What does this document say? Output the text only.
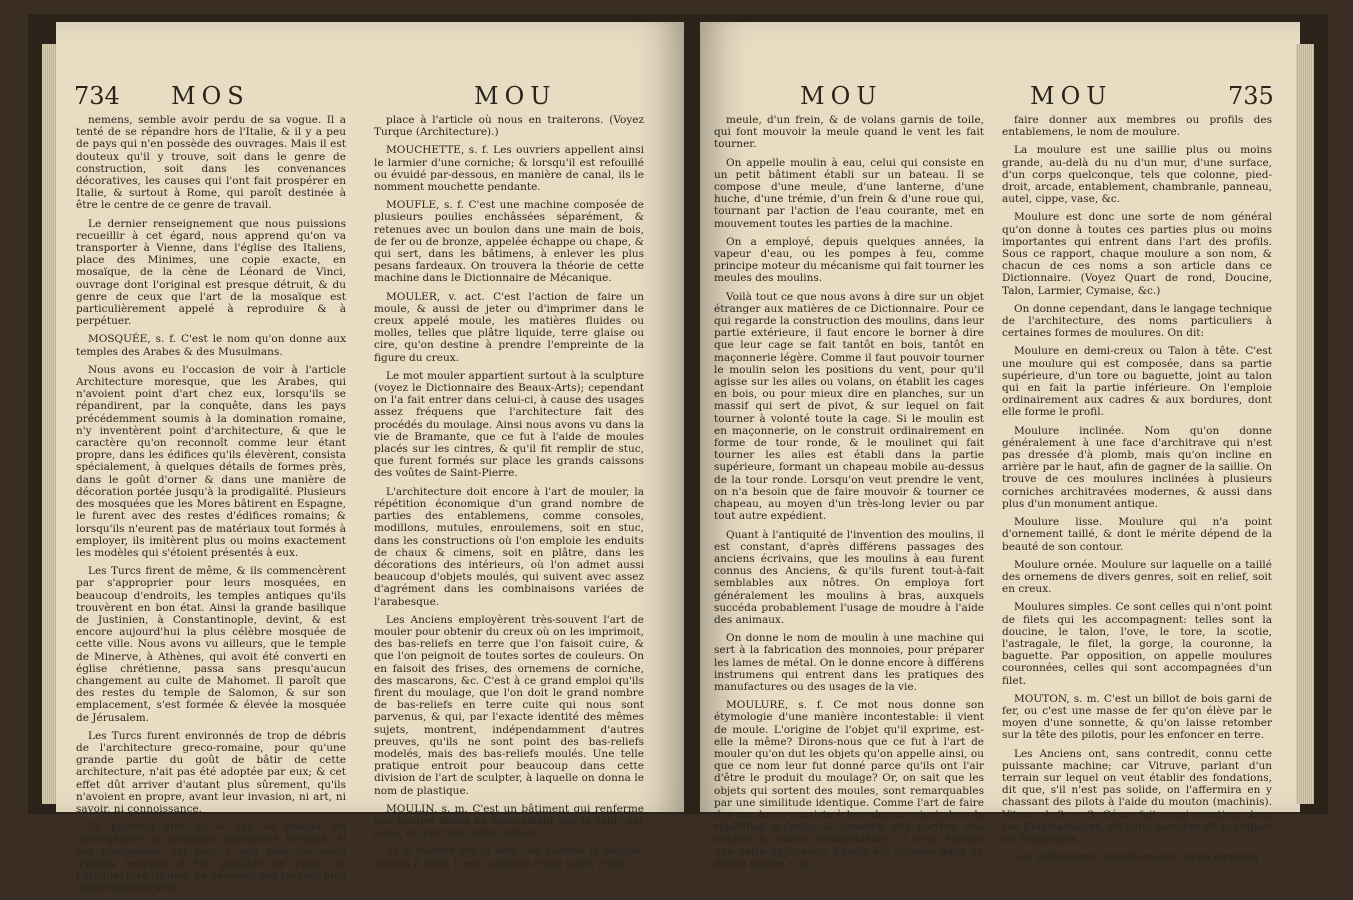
734 MOS	MOU

nemens, semble avoir perdu de sa vogue. Il a tenté de se répandre hors de l'Italie, & il y a peu de pays qui n'en possède des ouvrages. Mais il est douteux qu'il y trouve, soit dans le genre de construction, soit dans les convenances décoratives, les causes qui l'ont fait prospérer en Italie, & surtout à Rome, qui paroît destinée à être le centre de ce genre de travail.

Le dernier renseignement que nous puissions recueillir à cet égard, nous apprend qu'on va transporter à Vienne, dans l'église des Italiens, place des Minimes, une copie exacte, en mosaïque, de la cène de Léonard de Vinci, ouvrage dont l'original est presque détruit, & du genre de ceux que l'art de la mosaïque est particulièrement appelé à reproduire & à perpétuer.

MOSQUÉE, s. f. C'est le nom qu'on donne aux temples des Arabes & des Musulmans.

Nous avons eu l'occasion de voir à l'article Architecture moresque, que les Arabes, qui n'avoient point d'art chez eux, lorsqu'ils se répandirent, par la conquête, dans les pays précédemment soumis à la domination romaine, n'y inventèrent point d'architecture, & que le caractère qu'on reconnoît comme leur étant propre, dans les édifices qu'ils élevèrent, consista spécialement, à quelques détails de formes près, dans le goût d'orner & dans une manière de décoration portée jusqu'à la prodigalité. Plusieurs des mosquées que les Mores bâtirent en Espagne, le furent avec des restes d'édifices romains; & lorsqu'ils n'eurent pas de matériaux tout formés à employer, ils imitèrent plus ou moins exactement les modèles qui s'étoient présentés à eux.

Les Turcs firent de même, & ils commencèrent par s'approprier pour leurs mosquées, en beaucoup d'endroits, les temples antiques qu'ils trouvèrent en bon état. Ainsi la grande basilique de Justinien, à Constantinople, devint, & est encore aujourd'hui la plus célèbre mosquée de cette ville. Nous avons vu ailleurs, que le temple de Minerve, à Athènes, qui avoit été converti en église chrétienne, passa sans presqu'aucun changement au culte de Mahomet. Il paroît que des restes du temple de Salomon, & sur son emplacement, s'est formée & élevée la mosquée de Jérusalem.

Les Turcs furent environnés de trop de débris de l'architecture greco-romaine, pour qu'une grande partie du goût de bâtir de cette architecture, n'ait pas été adoptée par eux; & cet effet dût arriver d'autant plus sûrement, qu'ils n'avoient en propre, avant leur invasion, ni art, ni savoir, ni connoissance.

Ce pourroit être ici le lieu de donner les descriptions de quelques mosquées turques, si ces monumens, qui sont à peu près les seuls d'après lesquels il fût possible de juger de l'architecture turque, ne devoient pas trouver plus naturellement leur

place à l'article où nous en traiterons. (Voyez Turque (Architecture).)

MOUCHETTE, s. f. Les ouvriers appellent ainsi le larmier d'une corniche; & lorsqu'il est refouillé ou évuidé par-dessous, en manière de canal, ils le nomment mouchette pendante.

MOUFLE, s. f. C'est une machine composée de plusieurs poulies enchâssées séparément, & retenues avec un boulon dans une main de bois, de fer ou de bronze, appelée échappe ou chape, & qui sert, dans les bâtimens, à enlever les plus pesans fardeaux. On trouvera la théorie de cette machine dans le Dictionnaire de Mécanique.

MOULER, v. act. C'est l'action de faire un moule, & aussi de jeter ou d'imprimer dans le creux appelé moule, les matières fluides ou molles, telles que plâtre liquide, terre glaise ou cire, qu'on destine à prendre l'empreinte de la figure du creux.

Le mot mouler appartient surtout à la sculpture (voyez le Dictionnaire des Beaux-Arts); cependant on l'a fait entrer dans celui-ci, à cause des usages assez fréquens que l'architecture fait des procédés du moulage. Ainsi nous avons vu dans la vie de Bramante, que ce fut à l'aide de moules placés sur les cintres, & qu'il fit remplir de stuc, que furent formés sur place les grands caissons des voûtes de Saint-Pierre.

L'architecture doit encore à l'art de mouler, la répétition économique d'un grand nombre de parties des entablemens, comme consoles, modillons, mutules, enroulemens, soit en stuc, dans les constructions où l'on emploie les enduits de chaux & cimens, soit en plâtre, dans les décorations des intérieurs, où l'on admet aussi beaucoup d'objets moulés, qui suivent avec assez d'agrément dans les combinaisons variées de l'arabesque.

Les Anciens employèrent très-souvent l'art de mouler pour obtenir du creux où on les imprimoit, des bas-reliefs en terre que l'on faisoit cuire, & que l'on peignoit de toutes sortes de couleurs. On en faisoit des frises, des ornemens de corniche, des mascarons, &c. C'est à ce grand emploi qu'ils firent du moulage, que l'on doit le grand nombre de bas-reliefs en terre cuite qui nous sont parvenus, & qui, par l'exacte identité des mêmes sujets, montrent, indépendamment d'autres preuves, qu'ils ne sont point des bas-reliefs modelés, mais des bas-reliefs moulés. Une telle pratique entroit pour beaucoup dans cette division de l'art de sculpter, à laquelle on donna le nom de plastique.

MOULIN, s. m. C'est un bâtiment qui renferme des meules mises en mouvement par le vent, par l'eau, ou par tout autre moteur.

Si le moteur est le vent, on nomme le moulin, moulin à vent. Il est composé d'une cage, d'une

MOU	MOU	735

meule, d'un frein, & de volans garnis de toile, qui font mouvoir la meule quand le vent les fait tourner.

On appelle moulin à eau, celui qui consiste en un petit bâtiment établi sur un bateau. Il se compose d'une meule, d'une lanterne, d'une huche, d'une trémie, d'un frein & d'une roue qui, tournant par l'action de l'eau courante, met en mouvement toutes les parties de la machine.

On a employé, depuis quelques années, la vapeur d'eau, ou les pompes à feu, comme principe moteur du mécanisme qui fait tourner les meules des moulins.

Voilà tout ce que nous avons à dire sur un objet étranger aux matières de ce Dictionnaire. Pour ce qui regarde la construction des moulins, dans leur partie extérieure, il faut encore le borner à dire que leur cage se fait tantôt en bois, tantôt en maçonnerie légère. Comme il faut pouvoir tourner le moulin selon les positions du vent, pour qu'il agisse sur les ailes ou volans, on établit les cages en bois, ou pour mieux dire en planches, sur un massif qui sert de pivot, & sur lequel on fait tourner à volonté toute la cage. Si le moulin est en maçonnerie, on le construit ordinairement en forme de tour ronde, & le moulinet qui fait tourner les ailes est établi dans la partie supérieure, formant un chapeau mobile au-dessus de la tour ronde. Lorsqu'on veut prendre le vent, on n'a besoin que de faire mouvoir & tourner ce chapeau, au moyen d'un très-long levier ou par tout autre expédient.

Quant à l'antiquité de l'invention des moulins, il est constant, d'après différens passages des anciens écrivains, que les moulins à eau furent connus des Anciens, & qu'ils furent tout-à-fait semblables aux nôtres. On employa fort généralement les moulins à bras, auxquels succéda probablement l'usage de moudre à l'aide des animaux.

On donne le nom de moulin à une machine qui sert à la fabrication des monnoies, pour préparer les lames de métal. On le donne encore à différens instrumens qui entrent dans les pratiques des manufactures ou des usages de la vie.

MOULURE, s. f. Ce mot nous donne son étymologie d'une manière incontestable: il vient de moule. L'origine de l'objet qu'il exprime, est-elle la même? Dirons-nous que ce fut à l'art de mouler qu'on dut les objets qu'on appelle ainsi, ou que ce nom leur fut donné parce qu'ils ont l'air d'être le produit du moulage? Or, on sait que les objets qui sortent des moules, sont remarquables par une similitude identique. Comme l'art de faire des moulures consiste à leur donner ainsi, dans la répétition qu'exige la symétrie des parties, une entière & exacte ressemblance, il nous semble que cette apparence d'avoir été coulées dans un même moule, a pu

faire donner aux membres ou profils des entablemens, le nom de moulure.

La moulure est une saillie plus ou moins grande, au-delà du nu d'un mur, d'une surface, d'un corps quelconque, tels que colonne, pied-droit, arcade, entablement, chambranle, panneau, autel, cippe, vase, &c.

Moulure est donc une sorte de nom général qu'on donne à toutes ces parties plus ou moins importantes qui entrent dans l'art des profils. Sous ce rapport, chaque moulure a son nom, & chacun de ces noms a son article dans ce Dictionnaire. (Voyez Quart de rond, Doucine, Talon, Larmier, Cymaise, &c.)

On donne cependant, dans le langage technique de l'architecture, des noms particuliers à certaines formes de moulures. On dit:

Moulure en demi-creux ou Talon à tête. C'est une moulure qui est composée, dans sa partie supérieure, d'un tore ou baguette, joint au talon qui en fait la partie inférieure. On l'emploie ordinairement aux cadres & aux bordures, dont elle forme le profil.

Moulure inclinée. Nom qu'on donne généralement à une face d'architrave qui n'est pas dressée d'à plomb, mais qu'on incline en arrière par le haut, afin de gagner de la saillie. On trouve de ces moulures inclinées à plusieurs corniches architravées modernes, & aussi dans plus d'un monument antique.

Moulure lisse. Moulure qui n'a point d'ornement taillé, & dont le mérite dépend de la beauté de son contour.

Moulure ornée. Moulure sur laquelle on a taillé des ornemens de divers genres, soit en relief, soit en creux.

Moulures simples. Ce sont celles qui n'ont point de filets qui les accompagnent: telles sont la doucine, le talon, l'ove, le tore, la scotie, l'astragale, le filet, la gorge, la couronne, la baguette. Par opposition, on appelle moulures couronnées, celles qui sont accompagnées d'un filet.

MOUTON, s. m. C'est un billot de bois garni de fer, ou c'est une masse de fer qu'on élève par le moyen d'une sonnette, & qu'on laisse retomber sur la tête des pilotis, pour les enfoncer en terre.

Les Anciens ont, sans contredit, connu cette puissante machine; car Vitruve, parlant d'un terrain sur lequel on veut établir des fondations, dit que, s'il n'est pas solide, on l'affermira en y chassant des pilots à l'aide du mouton (machinis). Vitruv., l. 3. c. 3. César fait aussi mention, dans ses Commentaires, de cette manière de pratiquer les fondations.

Les antiquaires croient encore qu'on employa
